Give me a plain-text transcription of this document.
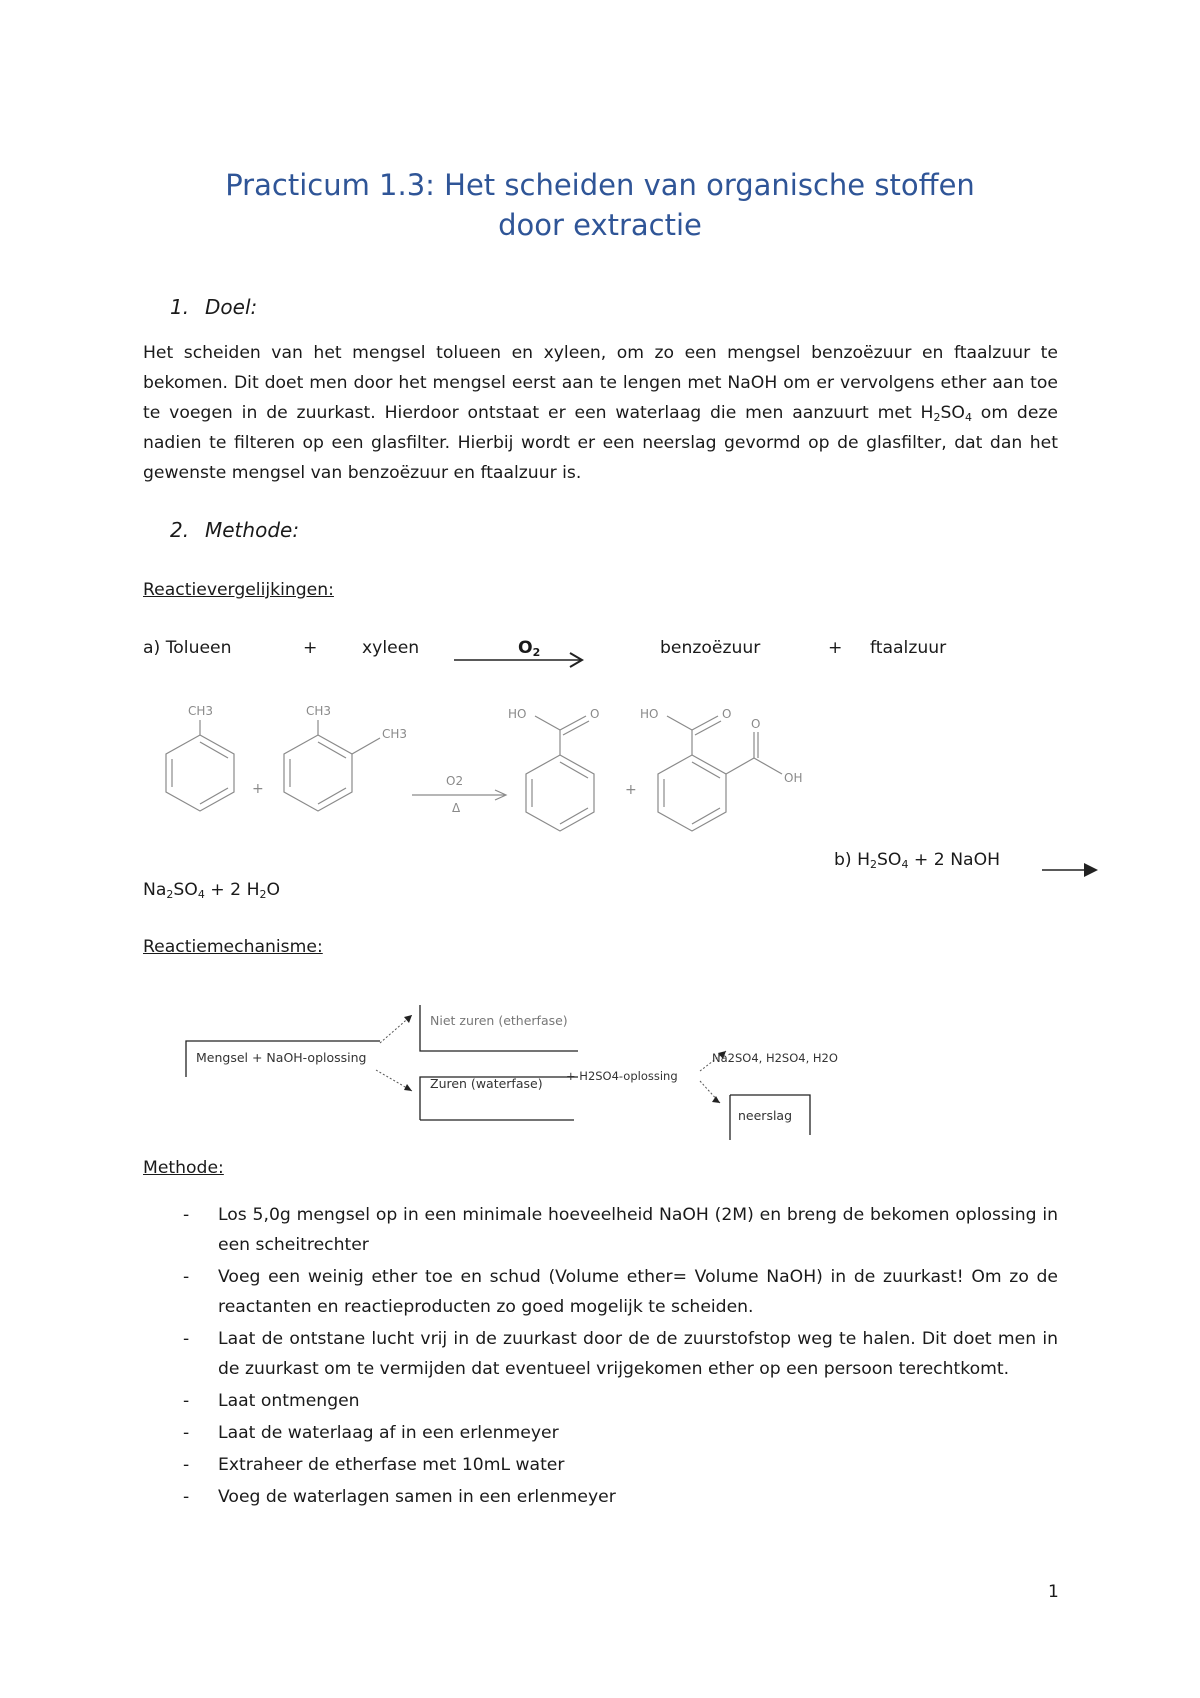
Practicum 1.3: Het scheiden van organische stoffen
door extractie
1. Doel:

Het scheiden van het mengsel tolueen en xyleen, om zo een mengsel benzoëzuur en ftaalzuur te bekomen. Dit doet men door het mengsel eerst aan te lengen met NaOH om er vervolgens ether aan toe te voegen in de zuurkast. Hierdoor ontstaat er een waterlaag die men aanzuurt met $H_2SO_4$ om deze nadien te filteren op een glasfilter. Hierbij wordt er een neerslag gevormd op de glasfilter, dat dan het gewenste mengsel van benzoëzuur en ftaalzuur is.

2. Methode:
Reactievergelijkingen:
a) Tolueen	+	xyleen	$O_2$	benzoëzuur	+ ftaalzuur
CH3	CH3
CH3
+	O2
Δ
HO	O
+
HO	O
O
OH
b) $H_2SO_4 + 2$ NaOH
$Na_2SO_4 + 2$ $H_2O$
Reactiemechanisme:
Mengsel + NaOH-oplossing
Niet zuren (etherfase)
Zuren (waterfase) + H2SO4-oplossing
Na2SO4, H2SO4, H2O
neerslag
Methode:
- Los 5,0g mengsel op in een minimale hoeveelheid NaOH (2M) en breng de bekomen oplossing in een scheitrechter
- Voeg een weinig ether toe en schud (Volume ether= Volume NaOH) in de zuurkast! Om zo de reactanten en reactieproducten zo goed mogelijk te scheiden.
- Laat de ontstane lucht vrij in de zuurkast door de de zuurstofstop weg te halen. Dit doet men in de zuurkast om te vermijden dat eventueel vrijgekomen ether op een persoon terechtkomt.
- Laat ontmengen
- Laat de waterlaag af in een erlenmeyer
- Extraheer de etherfase met 10mL water
- Voeg de waterlagen samen in een erlenmeyer
1
